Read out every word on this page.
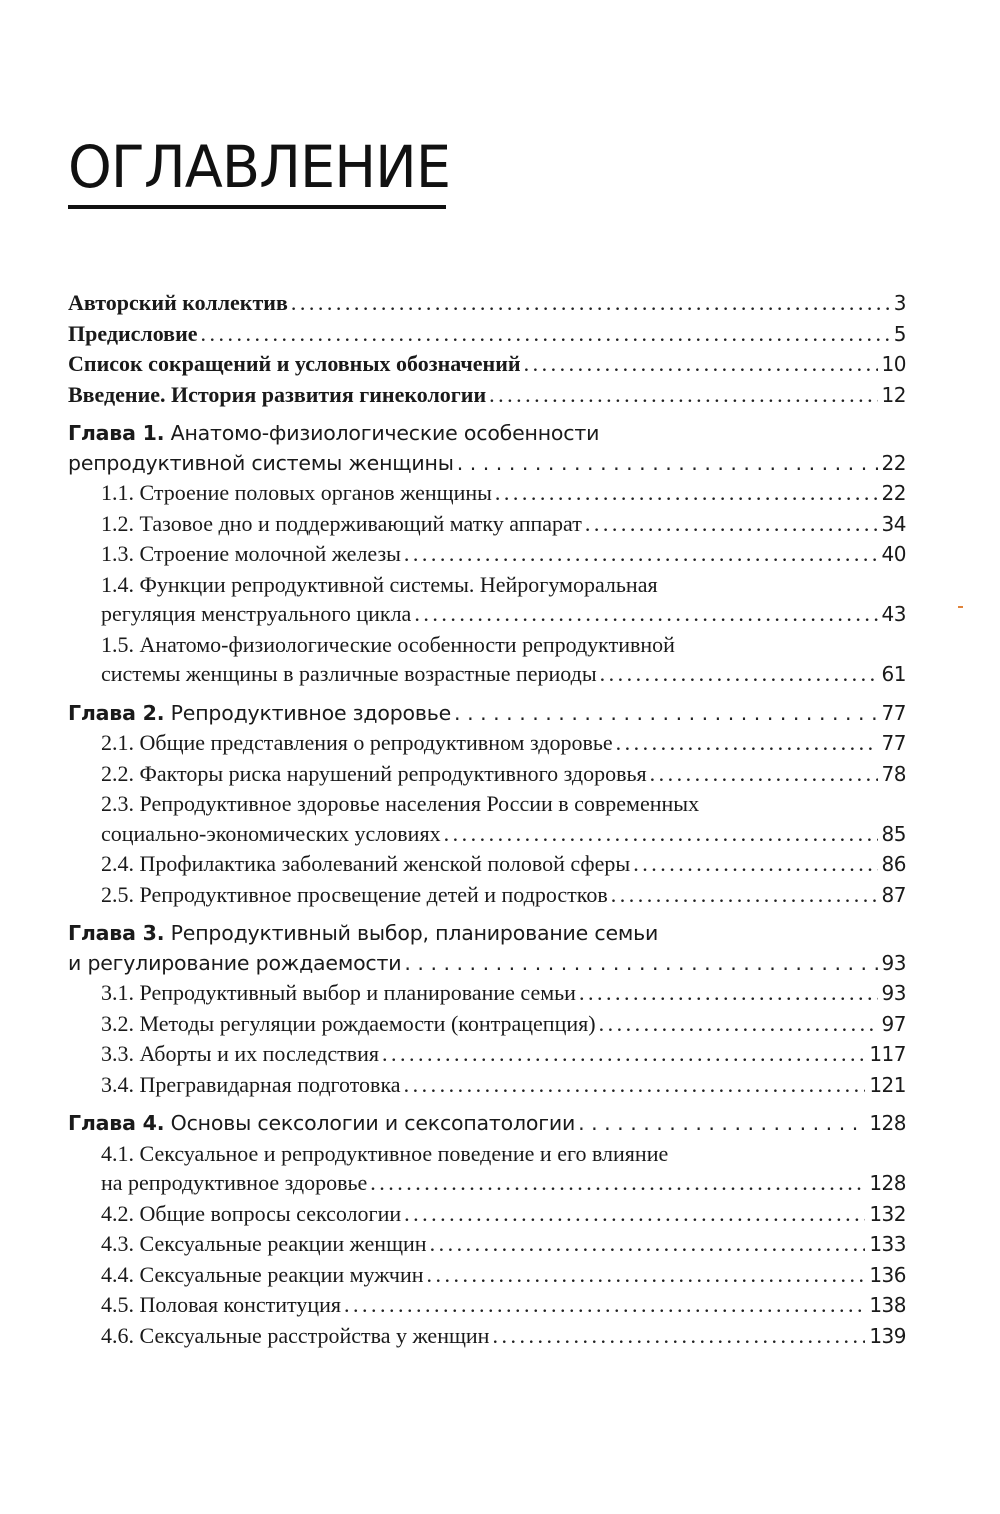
ОГЛАВЛЕНИЕ
Авторский коллектив . . .	3
Предисловие . . .	5
Список сокращений и условных обозначений . . .	10
Введение. История развития гинекологии . . .	12
Глава 1. Анатомо-физиологические особенности
репродуктивной системы женщины . . .	22
1.1. Строение половых органов женщины . . .	22
1.2. Тазовое дно и поддерживающий матку аппарат . . .	34
1.3. Строение молочной железы . . .	40
1.4. Функции репродуктивной системы. Нейрогуморальная
регуляция менструального цикла . . .	43
1.5. Анатомо-физиологические особенности репродуктивной
системы женщины в различные возрастные периоды . . .	61
Глава 2. Репродуктивное здоровье . . .	77
2.1. Общие представления о репродуктивном здоровье . . .	77
2.2. Факторы риска нарушений репродуктивного здоровья . . .	78
2.3. Репродуктивное здоровье населения России в современных
социально-экономических условиях . . .	85
2.4. Профилактика заболеваний женской половой сферы . . .	86
2.5. Репродуктивное просвещение детей и подростков . . .	87
Глава 3. Репродуктивный выбор, планирование семьи
и регулирование рождаемости . . .	93
3.1. Репродуктивный выбор и планирование семьи . . .	93
3.2. Методы регуляции рождаемости (контрацепция) . . .	97
3.3. Аборты и их последствия . . .	117
3.4. Прегравидарная подготовка . . .	121
Глава 4. Основы сексологии и сексопатологии . . .	128
4.1. Сексуальное и репродуктивное поведение и его влияние
на репродуктивное здоровье . . .	128
4.2. Общие вопросы сексологии . . .	132
4.3. Сексуальные реакции женщин . . .	133
4.4. Сексуальные реакции мужчин . . .	136
4.5. Половая конституция . . .	138
4.6. Сексуальные расстройства у женщин . . .	139
